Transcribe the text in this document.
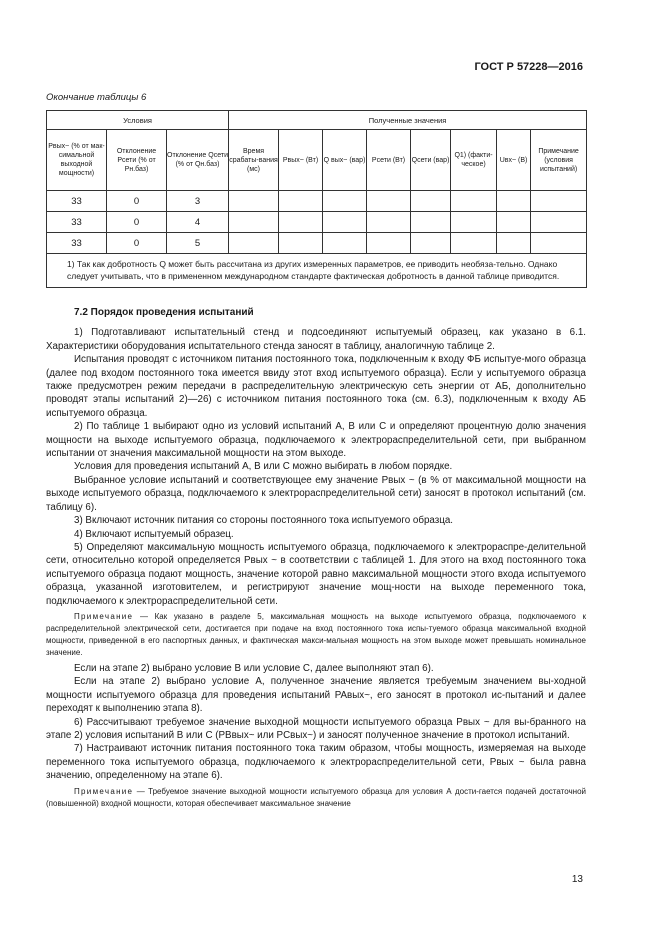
ГОСТ Р 57228—2016
Окончание таблицы 6
Условия			Полученные значения							
Pвых~ (% от мак-симальной выходной мощности)	Отклонение Pсети (% от Pн.баз)	Отклонение Qсети (% от Qн.баз)	Время срабаты-вания (мс)	Pвых~ (Вт)	Q вых~ (вар)	Pсети (Вт)	Qсети (вар)	Q1) (факти-ческое)	Uвх~ (В)	Примечание (условия испытаний)
33	0	3								
33	0	4								
33	0	5								
1) Так как добротность Q может быть рассчитана из других измеренных параметров, ее приводить необяза-тельно. Однако следует учитывать, что в примененном международном стандарте фактическая добротность в данной таблице приводится.										
7.2 Порядок проведения испытаний

1) Подготавливают испытательный стенд и подсоединяют испытуемый образец, как указано в 6.1. Характеристики оборудования испытательного стенда заносят в таблицу, аналогичную таблице 2.

Испытания проводят с источником питания постоянного тока, подключенным к входу ФБ испытуе-мого образца (далее под входом постоянного тока имеется ввиду этот вход испытуемого образца). Если у испытуемого образца также предусмотрен режим передачи в распределительную электрическую сеть энергии от АБ, дополнительно проводят этапы испытаний 2)—26) с источником питания постоянного тока (см. 6.3), подключенным к входу АБ испытуемого образца.

2) По таблице 1 выбирают одно из условий испытаний А, В или С и определяют процентную долю значения мощности на выходе испытуемого образца, подключаемого к электрораспределительной сети, при выбранном испытании от значения максимальной мощности на этом выходе.

Условия для проведения испытаний А, В или С можно выбирать в любом порядке.

Выбранное условие испытаний и соответствующее ему значение Pвых ~ (в % от максимальной мощности на выходе испытуемого образца, подключаемого к электрораспределительной сети) заносят в протокол испытаний (см. таблицу 6).

3) Включают источник питания со стороны постоянного тока испытуемого образца.

4) Включают испытуемый образец.

5) Определяют максимальную мощность испытуемого образца, подключаемого к электрораспре-делительной сети, относительно которой определяется Pвых ~ в соответствии с таблицей 1. Для этого на вход постоянного тока испытуемого образца подают мощность, значение которой равно максимальной мощности этого входа испытуемого образца, указанной изготовителем, и регистрируют значение мощ-ности на выходе переменного тока, подключаемого к электрораспределительной сети.

Примечание — Как указано в разделе 5, максимальная мощность на выходе испытуемого образца, подключаемого к распределительной электрической сети, достигается при подаче на вход постоянного тока испы-туемого образца максимальной входной мощности, приведенной в его паспортных данных, и фактическая макси-мальная мощность на этом выходе может превышать номинальное значение.

Если на этапе 2) выбрано условие В или условие С, далее выполняют этап 6).

Если на этапе 2) выбрано условие А, полученное значение является требуемым значением вы-ходной мощности испытуемого образца для проведения испытаний PAвых~, его заносят в протокол ис-пытаний и далее переходят к выполнению этапа 8).

6) Рассчитывают требуемое значение выходной мощности испытуемого образца Pвых ~ для вы-бранного на этапе 2) условия испытаний В или С (PBвых~ или PCвых~) и заносят полученное значение в протокол испытаний.

7) Настраивают источник питания постоянного тока таким образом, чтобы мощность, измеряемая на выходе переменного тока испытуемого образца, подключаемого к электрораспределительной сети, Pвых ~ была равна значению, определенному на этапе 6).

Примечание — Требуемое значение выходной мощности испытуемого образца для условия А дости-гается подачей достаточной (повышенной) входной мощности, которая обеспечивает максимальное значение

13
